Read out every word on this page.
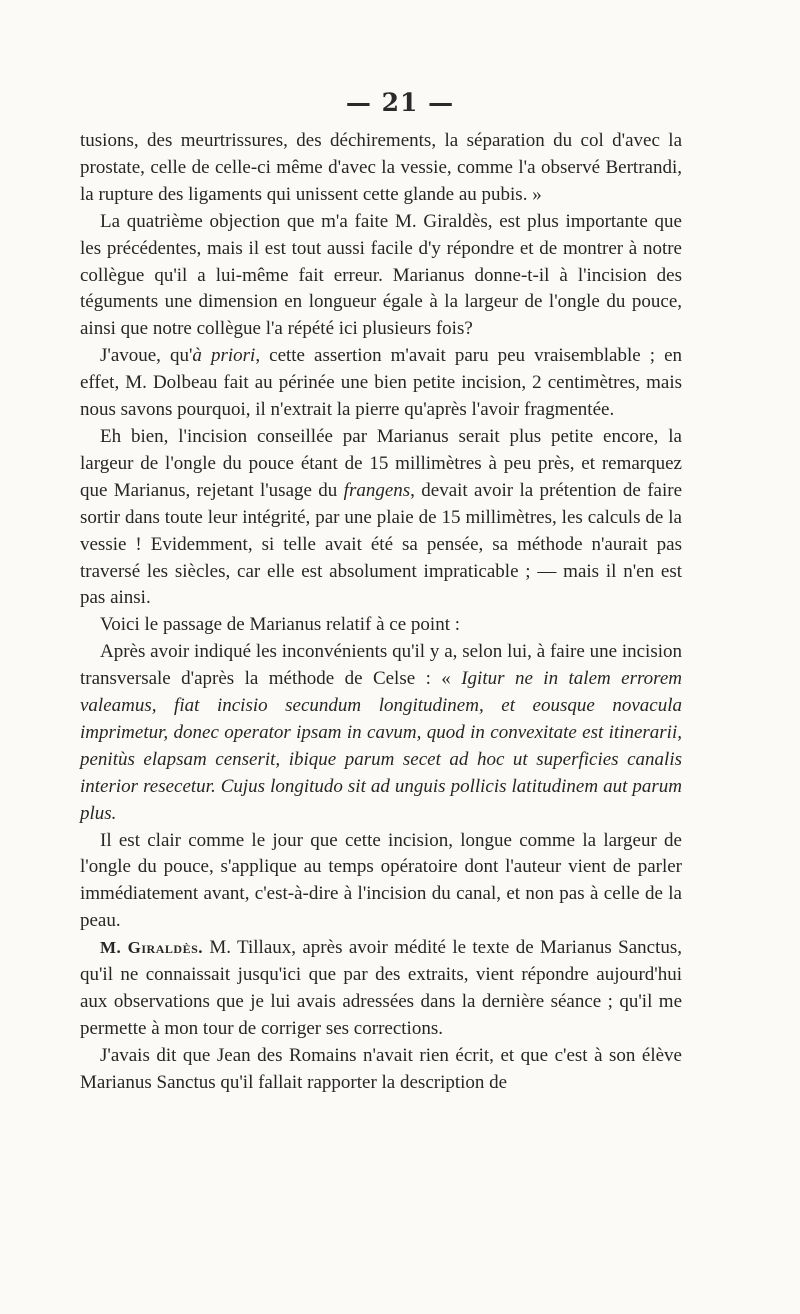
— 21 —

tusions, des meurtrissures, des déchirements, la séparation du col d'avec la prostate, celle de celle-ci même d'avec la vessie, comme l'a observé Bertrandi, la rupture des ligaments qui unissent cette glande au pubis. »

La quatrième objection que m'a faite M. Giraldès, est plus importante que les précédentes, mais il est tout aussi facile d'y répondre et de montrer à notre collègue qu'il a lui-même fait erreur. Marianus donne-t-il à l'incision des téguments une dimension en longueur égale à la largeur de l'ongle du pouce, ainsi que notre collègue l'a répété ici plusieurs fois?

J'avoue, qu'à priori, cette assertion m'avait paru peu vraisemblable ; en effet, M. Dolbeau fait au périnée une bien petite incision, 2 centimètres, mais nous savons pourquoi, il n'extrait la pierre qu'après l'avoir fragmentée.

Eh bien, l'incision conseillée par Marianus serait plus petite encore, la largeur de l'ongle du pouce étant de 15 millimètres à peu près, et remarquez que Marianus, rejetant l'usage du frangens, devait avoir la prétention de faire sortir dans toute leur intégrité, par une plaie de 15 millimètres, les calculs de la vessie ! Evidemment, si telle avait été sa pensée, sa méthode n'aurait pas traversé les siècles, car elle est absolument impraticable ; — mais il n'en est pas ainsi.

Voici le passage de Marianus relatif à ce point :

Après avoir indiqué les inconvénients qu'il y a, selon lui, à faire une incision transversale d'après la méthode de Celse : « Igitur ne in talem errorem valeamus, fiat incisio secundum longitudinem, et eousque novacula imprimetur, donec operator ipsam in cavum, quod in convexitate est itinerarii, penitùs elapsam censerit, ibique parum secet ad hoc ut superficies canalis interior resecetur. Cujus longitudo sit ad unguis pollicis latitudinem aut parum plus.

Il est clair comme le jour que cette incision, longue comme la largeur de l'ongle du pouce, s'applique au temps opératoire dont l'auteur vient de parler immédiatement avant, c'est-à-dire à l'incision du canal, et non pas à celle de la peau.

M. Giraldès. M. Tillaux, après avoir médité le texte de Marianus Sanctus, qu'il ne connaissait jusqu'ici que par des extraits, vient répondre aujourd'hui aux observations que je lui avais adressées dans la dernière séance ; qu'il me permette à mon tour de corriger ses corrections.

J'avais dit que Jean des Romains n'avait rien écrit, et que c'est à son élève Marianus Sanctus qu'il fallait rapporter la description de
